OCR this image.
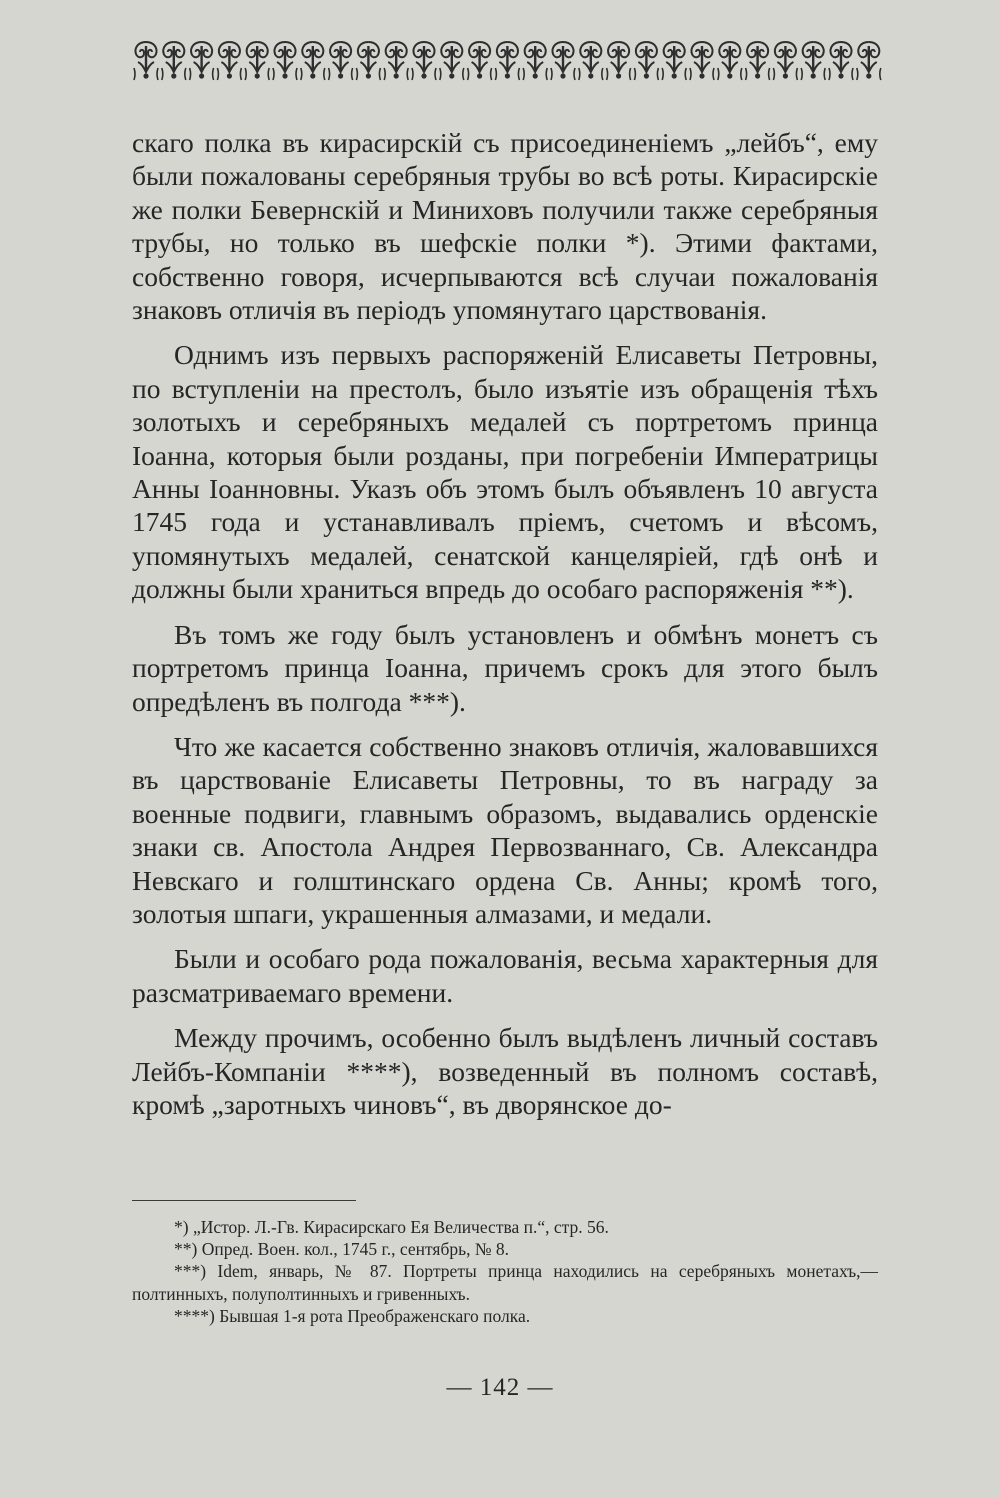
скаго полка въ кирасирскій съ присоединеніемъ „лейбъ“, ему были пожалованы серебряныя трубы во всѣ роты. Кирасирскіе же полки Бевернскій и Миниховъ получили также серебряныя трубы, но только въ шефскіе полки *). Этими фактами, собственно говоря, исчерпываются всѣ случаи пожалованія знаковъ отличія въ періодъ упомянутаго царствованія.

Однимъ изъ первыхъ распоряженій Елисаветы Петровны, по вступленіи на престолъ, было изъятіе изъ обращенія тѣхъ золотыхъ и серебряныхъ медалей съ портретомъ принца Іоанна, которыя были розданы, при погребеніи Императрицы Анны Іоанновны. Указъ объ этомъ былъ объявленъ 10 августа 1745 года и устанавливалъ пріемъ, счетомъ и вѣсомъ, упомянутыхъ медалей, сенатской канцеляріей, гдѣ онѣ и должны были храниться впредь до особаго распоряженія **).

Въ томъ же году былъ установленъ и обмѣнъ монетъ съ портретомъ принца Іоанна, причемъ срокъ для этого былъ опредѣленъ въ полгода ***).

Что же касается собственно знаковъ отличія, жаловавшихся въ царствованіе Елисаветы Петровны, то въ награду за военные подвиги, главнымъ образомъ, выдавались орденскіе знаки св. Апостола Андрея Первозваннаго, Св. Александра Невскаго и голштинскаго ордена Св. Анны; кромѣ того, золотыя шпаги, украшенныя алмазами, и медали.

Были и особаго рода пожалованія, весьма характерныя для разсматриваемаго времени.

Между прочимъ, особенно былъ выдѣленъ личный составъ Лейбъ-Компаніи ****), возведенный въ полномъ составѣ, кромѣ „заротныхъ чиновъ“, въ дворянское до-

*) „Истор. Л.-Гв. Кирасирскаго Ея Величества п.“, стр. 56.

**) Опред. Воен. кол., 1745 г., сентябрь, № 8.

***) Idem, январь, № 87. Портреты принца находились на серебряныхъ монетахъ,—полтинныхъ, полуполтинныхъ и гривенныхъ.

****) Бывшая 1-я рота Преображенскаго полка.

— 142 —
